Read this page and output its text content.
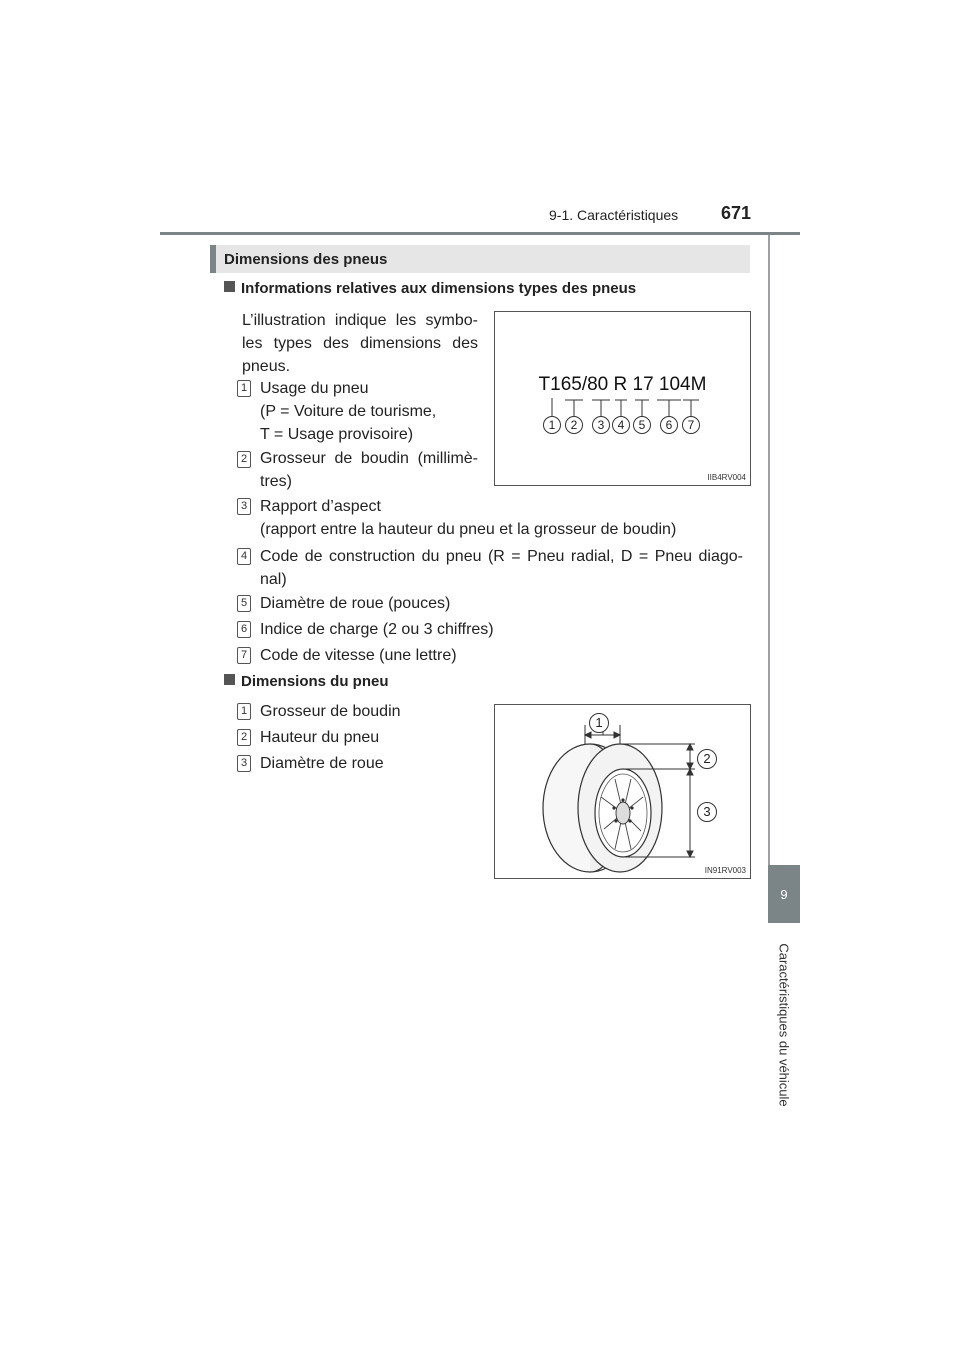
9-1. Caractéristiques 671
9
Caractéristiques du véhicule
Dimensions des pneus
Informations relatives aux dimensions types des pneus
L’illustration indique les symbo-
les types des dimensions des
pneus.
1 Usage du pneu
(P = Voiture de tourisme,
T = Usage provisoire)
2 Grosseur de boudin (millimè-
tres)
3 Rapport d’aspect
(rapport entre la hauteur du pneu et la grosseur de boudin)
4 Code de construction du pneu (R = Pneu radial, D = Pneu diago-
nal)
5 Diamètre de roue (pouces)
6 Indice de charge (2 ou 3 chiffres)
7 Code de vitesse (une lettre)
T165/80 R 17 104M
1	2	3	4	5	6	7
IIB4RV004
Dimensions du pneu
1 Grosseur de boudin
2 Hauteur du pneu
3 Diamètre de roue
1
2
3
IN91RV003
